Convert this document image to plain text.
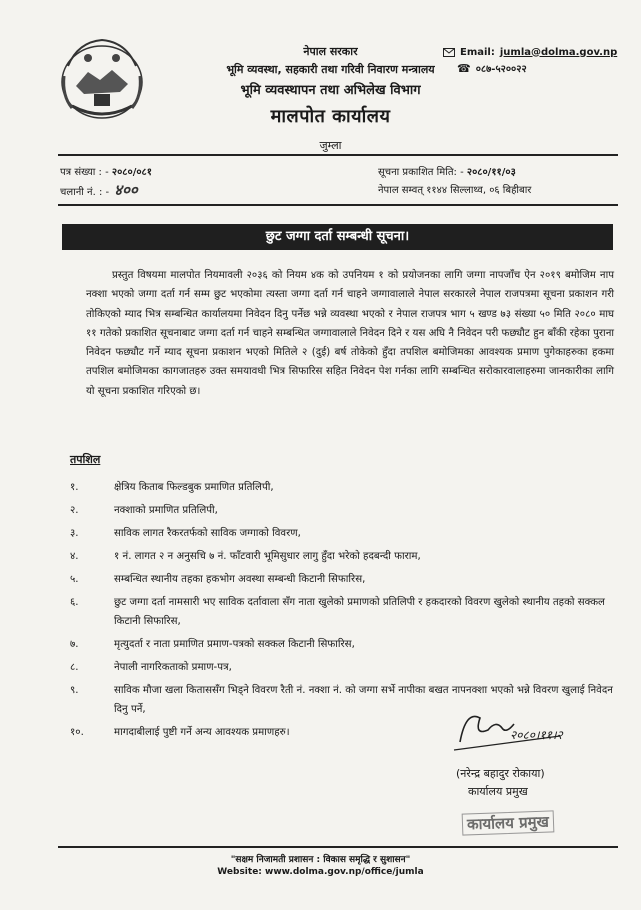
नेपाल सरकार
भूमि व्यवस्था, सहकारी तथा गरिवी निवारण मन्त्रालय
भूमि व्यवस्थापन तथा अभिलेख विभाग
मालपोत कार्यालय
जुम्ला
Email: jumla@dolma.gov.np
☎ ०८७-५२००२२
पत्र संख्या : - २०८०/०८१
चलानी नं. : - ४००
सूचना प्रकाशित मिति: - २०८०/११/०३
नेपाल सम्वत् ११४४ सिल्लाथ्व, ०६ बिहीबार
छुट जग्गा दर्ता सम्बन्धी सूचना।

प्रस्तुत विषयमा मालपोत नियमावली २०३६ को नियम ४क को उपनियम १ को प्रयोजनका लागि जग्गा नापजाँच ऐन २०१९ बमोजिम नाप नक्शा भएको जग्गा दर्ता गर्न सम्म छुट भएकोमा त्यस्ता जग्गा दर्ता गर्न चाहने जग्गावालाले नेपाल सरकारले नेपाल राजपत्रमा सूचना प्रकाशन गरी तोकिएको म्याद भित्र सम्बन्धित कार्यालयमा निवेदन दिनु पर्नेछ भन्ने व्यवस्था भएको र नेपाल राजपत्र भाग ५ खण्ड ७३ संख्या ५० मिति २०८० माघ ११ गतेको प्रकाशित सूचनाबाट जग्गा दर्ता गर्न चाहने सम्बन्धित जग्गावालाले निवेदन दिने र यस अघि नै निवेदन परी फछ्यौट हुन बाँकी रहेका पुराना निवेदन फछ्यौट गर्ने म्याद सूचना प्रकाशन भएको मितिले २ (दुई) बर्ष तोकेको हुँदा तपशिल बमोजिमका आवश्यक प्रमाण पुगेकाहरुका हकमा तपशिल बमोजिमका कागजातहरु उक्त समयावधी भित्र सिफारिस सहित निवेदन पेश गर्नका लागि सम्बन्धित सरोकारवालाहरुमा जानकारीका लागि यो सूचना प्रकाशित गरिएको छ।

तपशिल
१.	क्षेत्रिय किताब फिल्डबुक प्रमाणित प्रतिलिपी,
२.	नक्शाको प्रमाणित प्रतिलिपी,
३.	साविक लागत रैकरतर्फको साविक जग्गाको विवरण,
४.	१ नं. लागत २ न अनुसचि ७ नं. फाँटवारी भूमिसुधार लागु हुँदा भरेको हदबन्दी फाराम,
५.	सम्बन्धित स्थानीय तहका हकभोग अवस्था सम्बन्धी किटानी सिफारिस,
६.	छुट जग्गा दर्ता नामसारी भए साविक दर्तावाला सँग नाता खुलेको प्रमाणको प्रतिलिपी र हकदारको विवरण खुलेको स्थानीय तहको सक्कल किटानी सिफारिस,
७.	मृत्युदर्ता र नाता प्रमाणित प्रमाण-पत्रको सक्कल किटानी सिफारिस,
८.	नेपाली नागरिकताको प्रमाण-पत्र,
९.	साविक मौजा खला किताससँग भिड्ने विवरण रैती नं. नक्शा नं. को जग्गा सर्भे नापीका बखत नापनक्शा भएको भन्ने विवरण खुलाई निवेदन दिनु पर्ने,
१०.	मागदाबीलाई पुष्टी गर्ने अन्य आवश्यक प्रमाणहरु।	२०८०।११।२
(नरेन्द्र बहादुर रोकाया)
कार्यालय प्रमुख
कार्यालय प्रमुख
"सक्षम निजामती प्रशासन : विकास समृद्धि र सुशासन"
Website: www.dolma.gov.np/office/jumla
